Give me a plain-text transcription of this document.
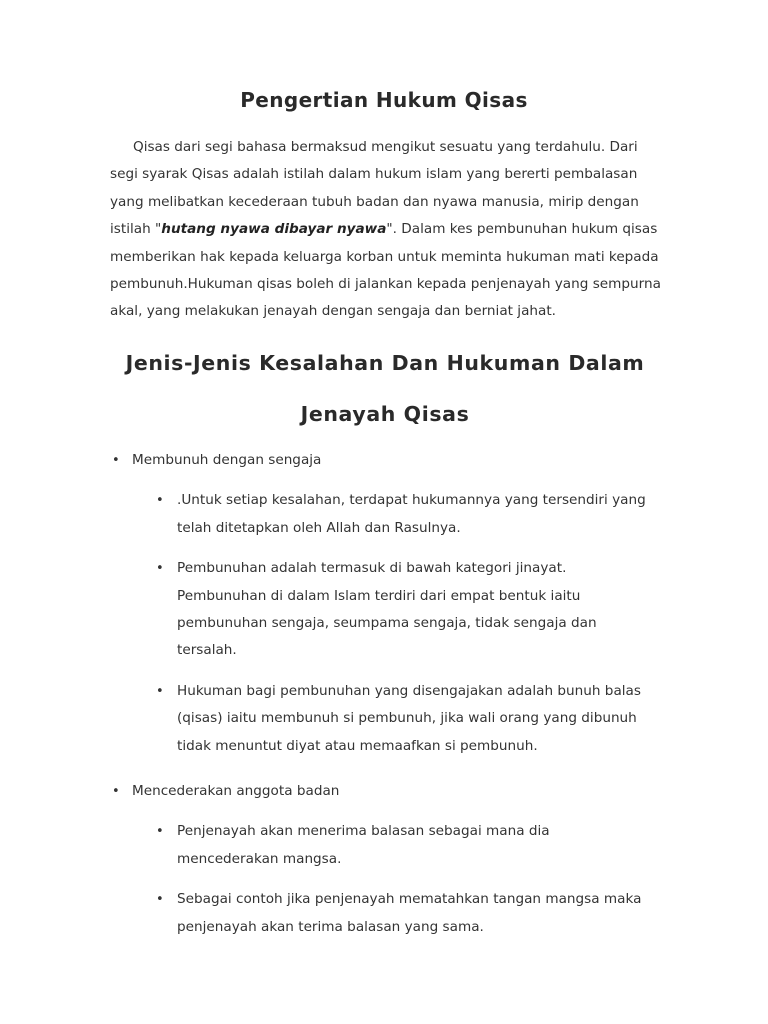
Pengertian Hukum Qisas

Qisas dari segi bahasa bermaksud mengikut sesuatu yang terdahulu. Dari segi syarak Qisas adalah istilah dalam hukum islam yang bererti pembalasan yang melibatkan kecederaan tubuh badan dan nyawa manusia, mirip dengan istilah "hutang nyawa dibayar nyawa". Dalam kes pembunuhan hukum qisas memberikan hak kepada keluarga korban untuk meminta hukuman mati kepada pembunuh.Hukuman qisas boleh di jalankan kepada penjenayah yang sempurna akal, yang melakukan jenayah dengan sengaja dan berniat jahat.

Jenis-Jenis Kesalahan Dan Hukuman Dalam Jenayah Qisas
• Membunuh dengan sengaja
• .Untuk setiap kesalahan, terdapat hukumannya yang tersendiri yang telah ditetapkan oleh Allah dan Rasulnya.
• Pembunuhan adalah termasuk di bawah kategori jinayat. Pembunuhan di dalam Islam terdiri dari empat bentuk iaitu pembunuhan sengaja, seumpama sengaja, tidak sengaja dan tersalah.
• Hukuman bagi pembunuhan yang disengajakan adalah bunuh balas (qisas) iaitu membunuh si pembunuh, jika wali orang yang dibunuh tidak menuntut diyat atau memaafkan si pembunuh.
• Mencederakan anggota badan
• Penjenayah akan menerima balasan sebagai mana dia mencederakan mangsa.
• Sebagai contoh jika penjenayah mematahkan tangan mangsa maka penjenayah akan terima balasan yang sama.
